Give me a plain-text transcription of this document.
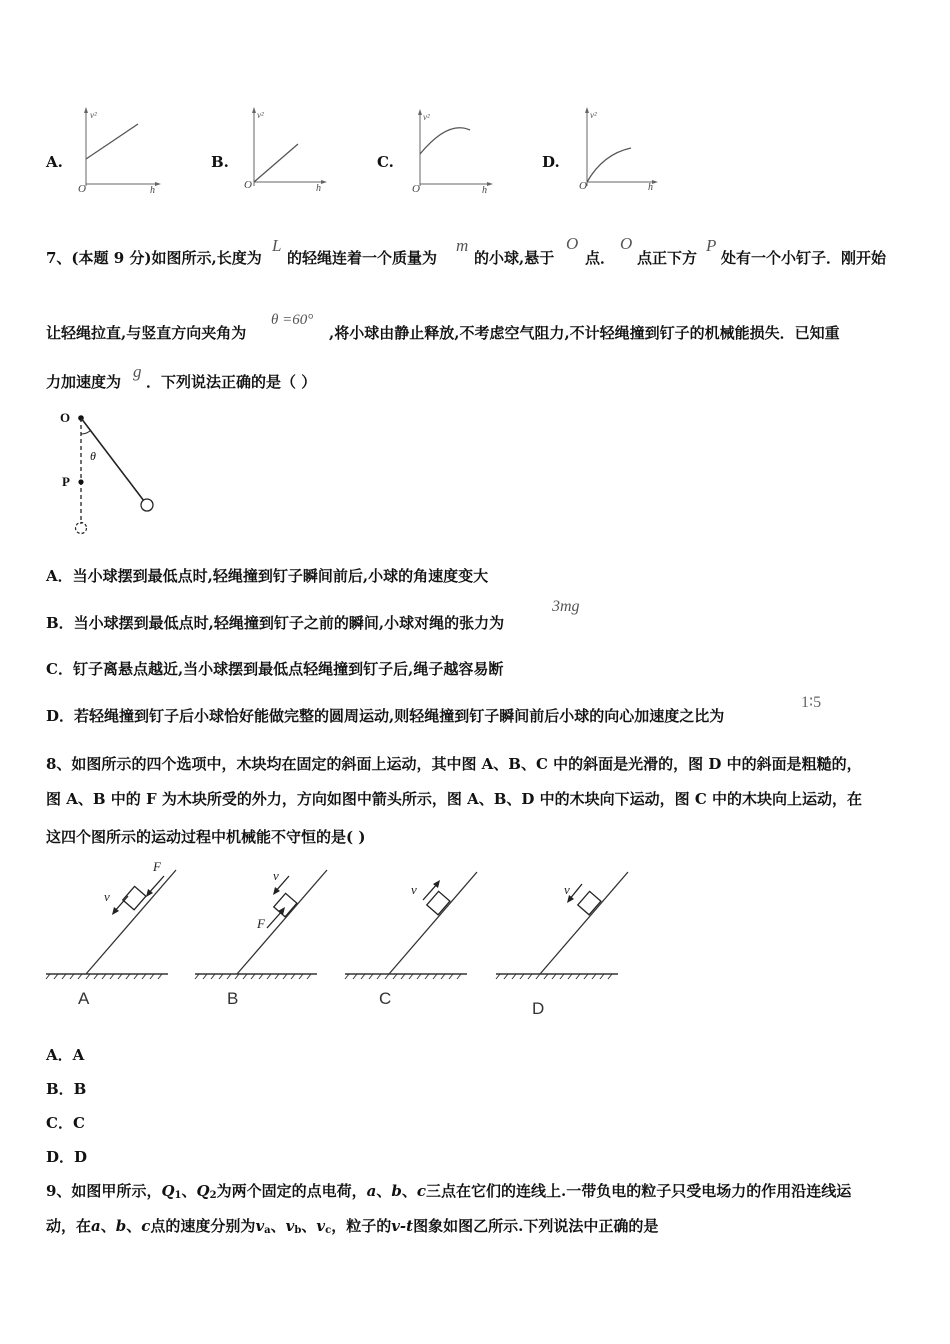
A.
v²
O	h
B.
v²
O	h
C.
v²
O	h
D.
v²
O	h
7、(本题 9 分)如图所示,长度为
L
的轻绳连着一个质量为
m
的小球,悬于
O
点．
O
点正下方
P
处有一个小钉子．刚开始
让轻绳拉直,与竖直方向夹角为
θ =60°
,将小球由静止释放,不考虑空气阻力,不计轻绳撞到钉子的机械能损失．已知重
力加速度为
g
．下列说法正确的是（ ）
O
P
θ
A．当小球摆到最低点时,轻绳撞到钉子瞬间前后,小球的角速度变大
B．当小球摆到最低点时,轻绳撞到钉子之前的瞬间,小球对绳的张力为
3mg
C．钉子离悬点越近,当小球摆到最低点轻绳撞到钉子后,绳子越容易断
D．若轻绳撞到钉子后小球恰好能做完整的圆周运动,则轻绳撞到钉子瞬间前后小球的向心加速度之比为
1∶5
8、如图所示的四个选项中，木块均在固定的斜面上运动，其中图 A、B、C 中的斜面是光滑的，图 D 中的斜面是粗糙的，
图 A、B 中的 F 为木块所受的外力，方向如图中箭头所示，图 A、B、D 中的木块向下运动，图 C 中的木块向上运动，在
这四个图所示的运动过程中机械能不守恒的是( )
F
v
A
v
F
B
v
C
v
D
A．A
B．B
C．C
D．D
9、如图甲所示，$Q_1$、$Q_2$为两个固定的点电荷，a、b、c三点在它们的连线上.一带负电的粒子只受电场力的作用沿连线运
动，在a、b、c点的速度分别为$v_a$、$v_b$、$v_c$，粒子的v-t图象如图乙所示.下列说法中正确的是
